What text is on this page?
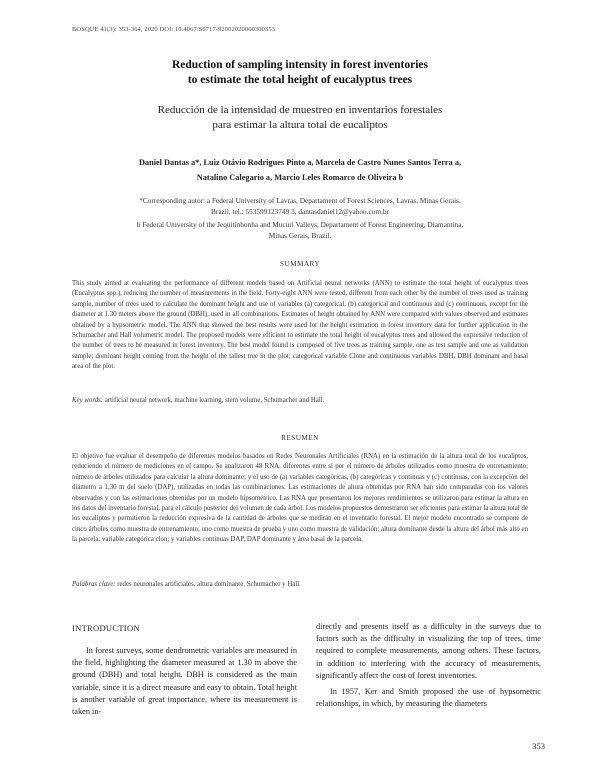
BOSQUE 41(3): 353-364, 2020 DOI: 10.4067/S0717-92002020000300353
Reduction of sampling intensity in forest inventories
to estimate the total height of eucalyptus trees
Reducción de la intensidad de muestreo en inventarios forestales
para estimar la altura total de eucaliptos
Daniel Dantas a*, Luiz Otávio Rodrigues Pinto a, Marcela de Castro Nunes Santos Terra a,
Natalino Calegario a, Marcio Leles Romarco de Oliveira b

*Corresponding autor: a Federal University of Lavras, Departament of Forest Sciences, Lavras, Minas Gerais, Brazil, tel.: 553599123749 3, dantasdaniel12@yahoo.com.br

b Federal University of the Jequitinhonha and Mucuri Valleys, Departament of Forest Engineering, Diamantina, Minas Gerais, Brazil.

SUMMARY
This study aimed at evaluating the performance of different models based on Artificial neural networks (ANN) to estimate the total height of eucalyptus trees (Eucalyptus spp.), reducing the number of measurements in the field. Forty-eight ANN were tested, different from each other by the number of trees used as training sample, number of trees used to calculate the dominant height and use of variables (a) categorical, (b) categorical and continuous and (c) continuous, except for the diameter at 1.30 meters above the ground (DBH), used in all combinations. Estimates of height obtained by ANN were compared with values observed and estimates obtained by a hypsometric model. The ANN that showed the best results were used for the height estimation in forest inventory data for further application in the Schumacher and Hall volumetric model. The proposed models were efficient to estimate the total height of eucalyptus trees and allowed the expressive reduction of the number of trees to be measured in forest inventory. The best model found is composed of five trees as training sample, one as test sample and one as validation sample; dominant height coming from the height of the tallest tree in the plot; categorical variable Clone and continuous variables DBH, DBH dominant and basal area of the plot.
Key words: artificial neural network, machine learning, stem volume, Schumacher and Hall.
RESUMEN
El objetivo fue evaluar el desempeño de diferentes modelos basados en Redes Neuronales Artificiales (RNA) en la estimación de la altura total de los eucaliptos, reduciendo el número de mediciones en el campo. Se analizaron 48 RNA, diferentes entre sí por el número de árboles utilizados como muestra de entrenamiento; número de árboles utilizados para calcular la altura dominante; y el uso de (a) variables categóricas, (b) categóricas y continuas y (c) continuas, con la excepción del diámetro a 1,30 m del suelo (DAP), utilizadas en todas las combinaciones. Las estimaciones de altura obtenidas por RNA han sido comparadas con los valores observados y con las estimaciones obtenidas por un modelo hipsométrico. Las RNA que presentaron los mejores rendimientos se utilizaron para estimar la altura en los datos del inventario forestal, para el cálculo posterior del volumen de cada árbol. Los modelos propuestos demostraron ser eficientes para estimar la altura total de los eucaliptos y permitieron la reducción expresiva de la cantidad de árboles que se medirán en el inventario forestal. El mejor modelo encontrado se compone de cinco árboles como muestra de entrenamiento, uno como muestra de prueba y uno como muestra de validación; altura dominante desde la altura del árbol más alto en la parcela; variable categórica clon; y variables continuas DAP, DAP dominante y área basal de la parcela.
Palabras clave: redes neuronales artificiales, altura dominante, Schumacher y Hall.
INTRODUCTION

In forest surveys, some dendrometric variables are measured in the field, highlighting the diameter measured at 1.30 m above the ground (DBH) and total height. DBH is considered as the main variable, since it is a direct measure and easy to obtain. Total height is another variable of great importance, where its measurement is taken in-

directly and presents itself as a difficulty in the surveys due to factors such as the difficulty in visualizing the top of trees, time required to complete measurements, among others. These factors, in addition to interfering with the accuracy of measurements, significantly affect the cost of forest inventories.

In 1957, Ker and Smith proposed the use of hypsometric relationships, in which, by measuring the diameters

353
